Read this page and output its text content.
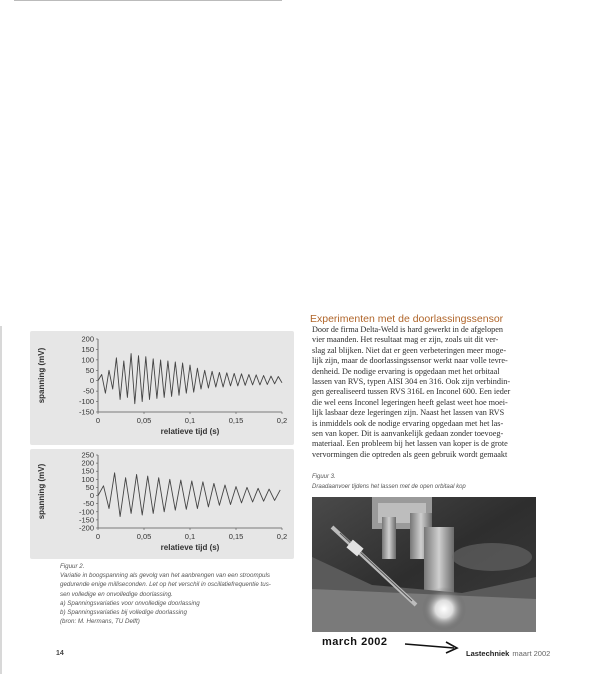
200
150
100
50
0
-50
-100
-150
0	0,05	0,1	0,15	0,2
relatieve tijd (s)
spanning (mV)
250
200
150
100
50
0
-50
-100
-150
-200
0	0,05	0,1	0,15	0,2
relatieve tijd (s)
spanning (mV)
Figuur 2.
Variatie in boogspanning als gevolg van het aanbrengen van een stroompuls
gedurende enige milliseconden. Let op het verschil in oscillatiefrequentie tus-
sen volledige en onvolledige doorlassing.
a) Spanningsvariaties voor onvolledige doorlassing
b) Spanningsvariaties bij volledige doorlassing
(bron: M. Hermans, TU Delft)
14
Experimenten met de doorlassingssensor
Door de firma Delta-Weld is hard gewerkt in de afgelopen
vier maanden. Het resultaat mag er zijn, zoals uit dit ver-
slag zal blijken. Niet dat er geen verbeteringen meer moge-
lijk zijn, maar de doorlassingssensor werkt naar volle tevre-
denheid. De nodige ervaring is opgedaan met het orbitaal
lassen van RVS, typen AISI 304 en 316. Ook zijn verbindin-
gen gerealiseerd tussen RVS 316L en Inconel 600. Een ieder
die wel eens Inconel legeringen heeft gelast weet hoe moei-
lijk lasbaar deze legeringen zijn. Naast het lassen van RVS
is inmiddels ook de nodige ervaring opgedaan met het las-
sen van koper. Dit is aanvankelijk gedaan zonder toevoeg-
materiaal. Een probleem bij het lassen van koper is de grote
vervormingen die optreden als geen gebruik wordt gemaakt
Figuur 3.
Draadaanvoer tijdens het lassen met de open orbitaal kop
march 2002
Lastechniek maart 2002
